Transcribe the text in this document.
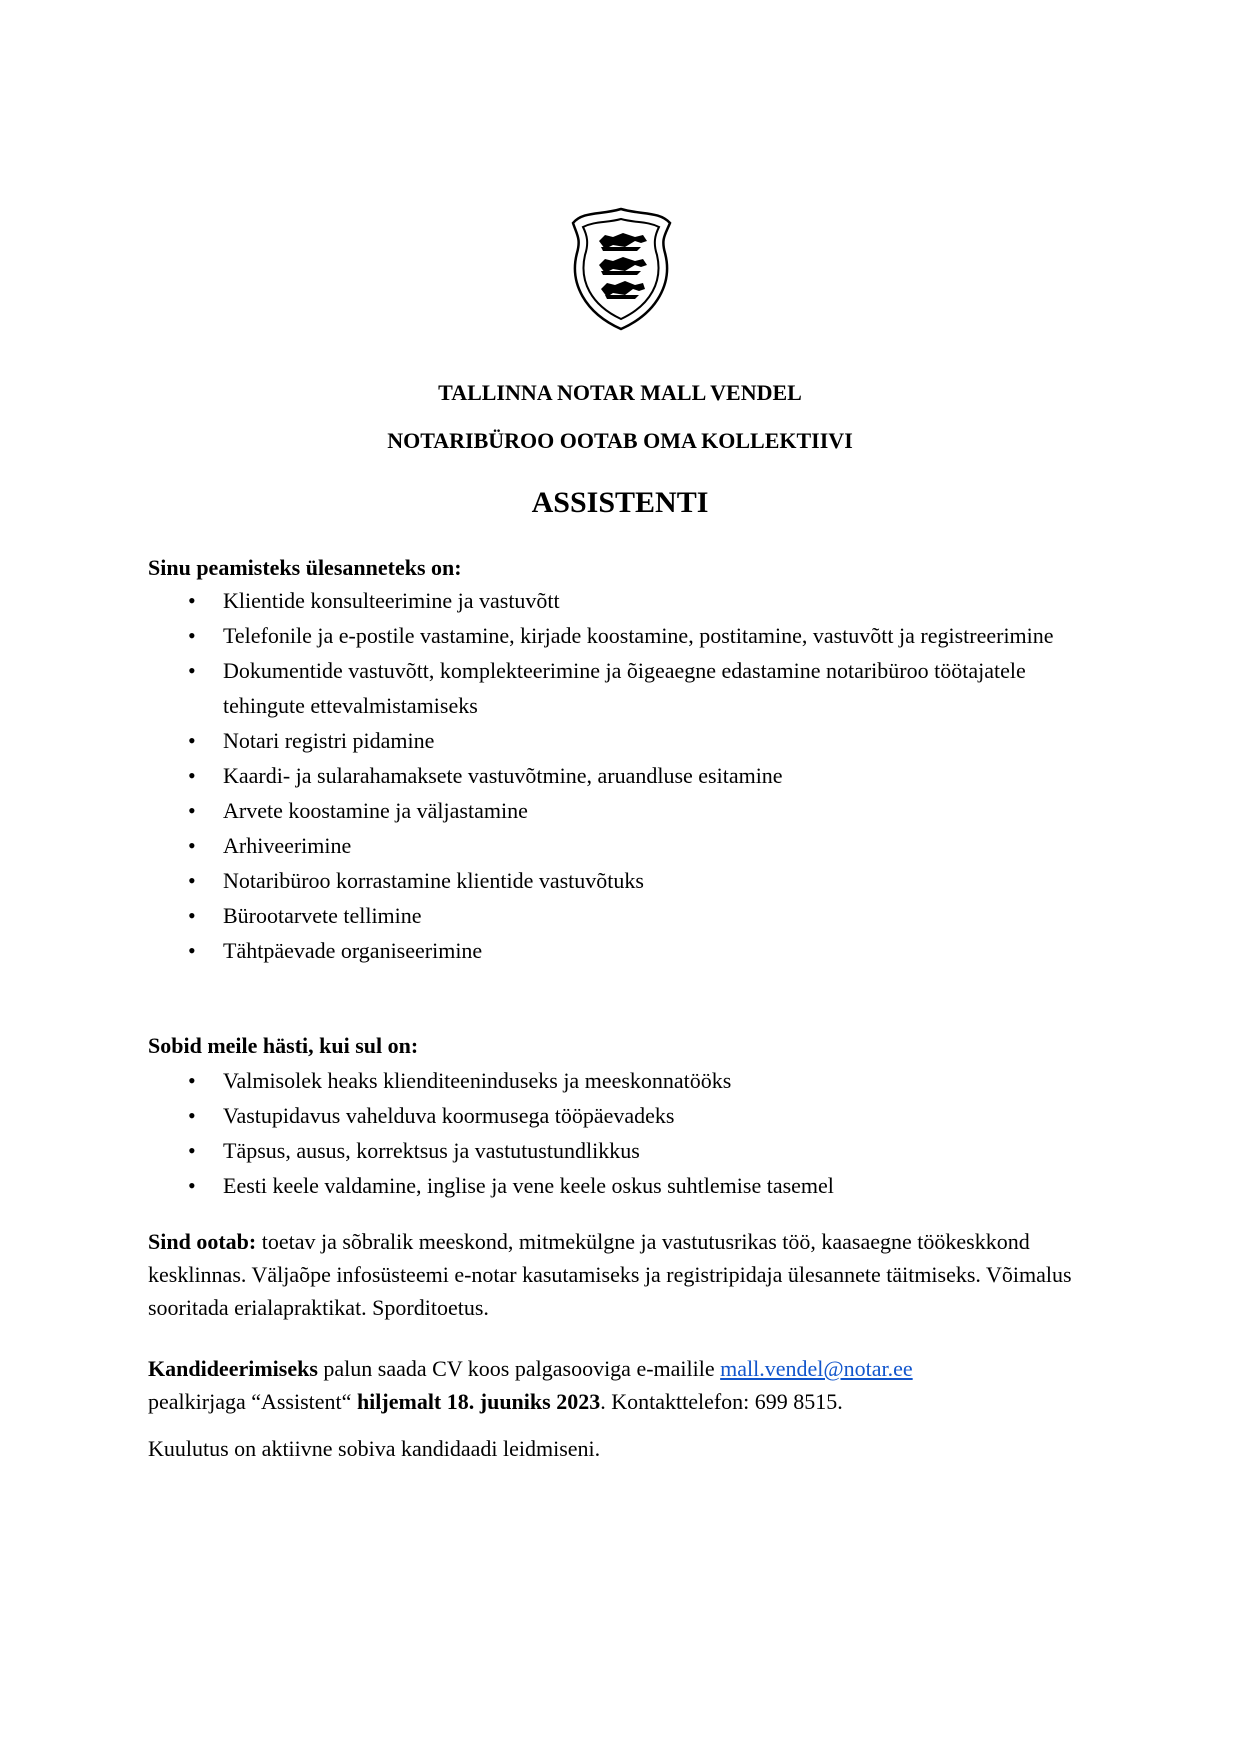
TALLINNA NOTAR MALL VENDEL
NOTARIBÜROO OOTAB OMA KOLLEKTIIVI
ASSISTENTI
Sinu peamisteks ülesanneteks on:
• Klientide konsulteerimine ja vastuvõtt
• Telefonile ja e-postile vastamine, kirjade koostamine, postitamine, vastuvõtt ja registreerimine
• Dokumentide vastuvõtt, komplekteerimine ja õigeaegne edastamine notaribüroo töötajatele tehingute ettevalmistamiseks
• Notari registri pidamine
• Kaardi- ja sularahamaksete vastuvõtmine, aruandluse esitamine
• Arvete koostamine ja väljastamine
• Arhiveerimine
• Notaribüroo korrastamine klientide vastuvõtuks
• Bürootarvete tellimine
• Tähtpäevade organiseerimine
Sobid meile hästi, kui sul on:
• Valmisolek heaks klienditeeninduseks ja meeskonnatööks
• Vastupidavus vahelduva koormusega tööpäevadeks
• Täpsus, ausus, korrektsus ja vastutustundlikkus
• Eesti keele valdamine, inglise ja vene keele oskus suhtlemise tasemel
Sind ootab: toetav ja sõbralik meeskond, mitmekülgne ja vastutusrikas töö, kaasaegne töökeskkond kesklinnas. Väljaõpe infosüsteemi e-notar kasutamiseks ja registripidaja ülesannete täitmiseks. Võimalus sooritada erialapraktikat. Sporditoetus.
Kandideerimiseks palun saada CV koos palgasooviga e-mailile mall.vendel@notar.ee
pealkirjaga “Assistent“ hiljemalt 18. juuniks 2023. Kontakttelefon: 699 8515.
Kuulutus on aktiivne sobiva kandidaadi leidmiseni.
